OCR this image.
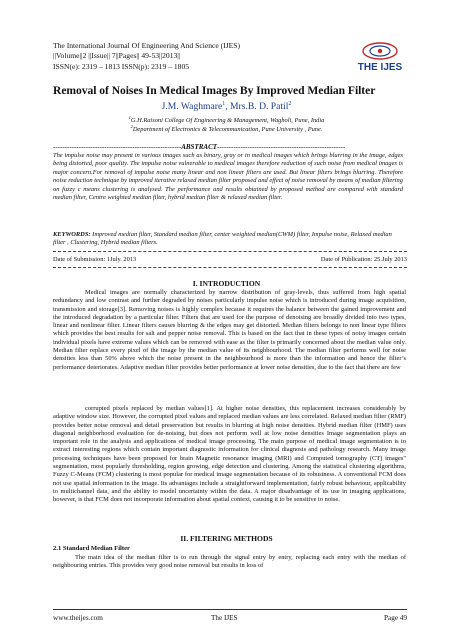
The International Journal Of Engineering And Science (IJES)
||Volume||2 ||Issue|| 7||Pages|| 49-53||2013||
ISSN(e): 2319 – 1813 ISSN(p): 2319 – 1805	THE IJES
Removal of Noises In Medical Images By Improved Median Filter
J.M. Waghmare$^1$, Mrs.B. D. Patil$^2$
$^1$G.H.Raisoni College Of Engineering & Management, Wagholi, Pune, India
$^2$Department of Electronics & Telecommunication, Pune University , Pune.
-------------------------------------------------------ABSTRACT-------------------------------------------------------
The impulse noise may present in various images such as binary, gray or in medical images which brings blurring in the image, edges being distorted, poor quality. The impulse noise vulnerable to medical images therefore reduction of such noise from medical images is major concern.For removal of impulse noise many linear and non linear filters are used. But linear filters brings blurring. Therefore noise reduction technique by improved iterative relaxed median filter proposed and effect of noise removal by means of median filtering on fuzzy c means clustering is analysed. The performance and results obtained by proposed method are compared with standard median filter, Centre weighted median filter, hybrid median filter & relaxed median filter.
KEYWORDS: Improved median filter, Standard median filter, center weighted median(CWM) filter, Impulse noise, Relaxed median filter , Clustering, Hybrid median filters.
Date of Submission: 1July. 2013	Date of Publication: 25.July 2013
I. INTRODUCTION
Medical images are normally characterized by narrow distribution of gray-levels, thus suffered from high spatial redundancy and low contrast and further degraded by noises particularly impulse noise which is introduced during image acquisition, transmission and storage[3]. Removing noises is highly complex because it requires the balance between the gained improvement and the introduced degradation by a particular filter. Filters that are used for the purpose of denoising are broadly divided into two types, linear and nonlinear filter. Linear filters causes blurring & the edges may get distorted. Median filters belongs to non linear type filters which provides the best results for salt and pepper noise removal. This is based on the fact that in these types of noisy images certain individual pixels have extreme values which can be removed with ease as the filter is primarily concerned about the median value only. Median filter replace every pixel of the image by the median value of its neighbourhood. The median filter performs well for noise densities less than 50% above which the noise present in the neighbourhood is more than the information and hence the filter’s performance deteriorates. Adaptive median filter provides better performance at lower noise densities, due to the fact that there are few
corrupted pixels replaced by median values[1]. At higher noise densities, this replacement increases considerably by adaptive window size. However, the corrupted pixel values and replaced median values are less correlated. Relaxed median filter (RMF) provides better noise removal and detail preservation but results in blurring at high noise densities. Hybrid median filter (HMF) uses diagonal neighborhood evaluation for de-noising, but does not perform well at low noise densities Image segmentation plays an important role in the analysis and applications of medical image processing. The main purpose of medical image segmentation is to extract interesting regions which contain important diagnostic information for clinical diagnosis and pathology research. Many image processing techniques have been proposed for brain Magnetic resonance imaging (MRI) and Computed tomography (CT) images" segmentation, most popularly thresholding, region growing, edge detection and clustering. Among the statistical clustering algorithms, Fuzzy C-Means (FCM) clustering is most popular for medical image segmentation because of its robustness. A conventional FCM does not use spatial information in the image. Its advantages include a straightforward implementation, fairly robust behaviour, applicability to multichannel data, and the ability to model uncertainty within the data. A major disadvantage of its use in imaging applications, however, is that FCM does not incorporate information about spatial context, causing it to be sensitive to noise.
II. FILTERING METHODS
2.1 Standard Median Filter
The main idea of the median filter is to run through the signal entry by entry, replacing each entry with the median of neighbouring entries. This provides very good noise removal but results in loss of
www.theijes.com	The IJES	Page 49
